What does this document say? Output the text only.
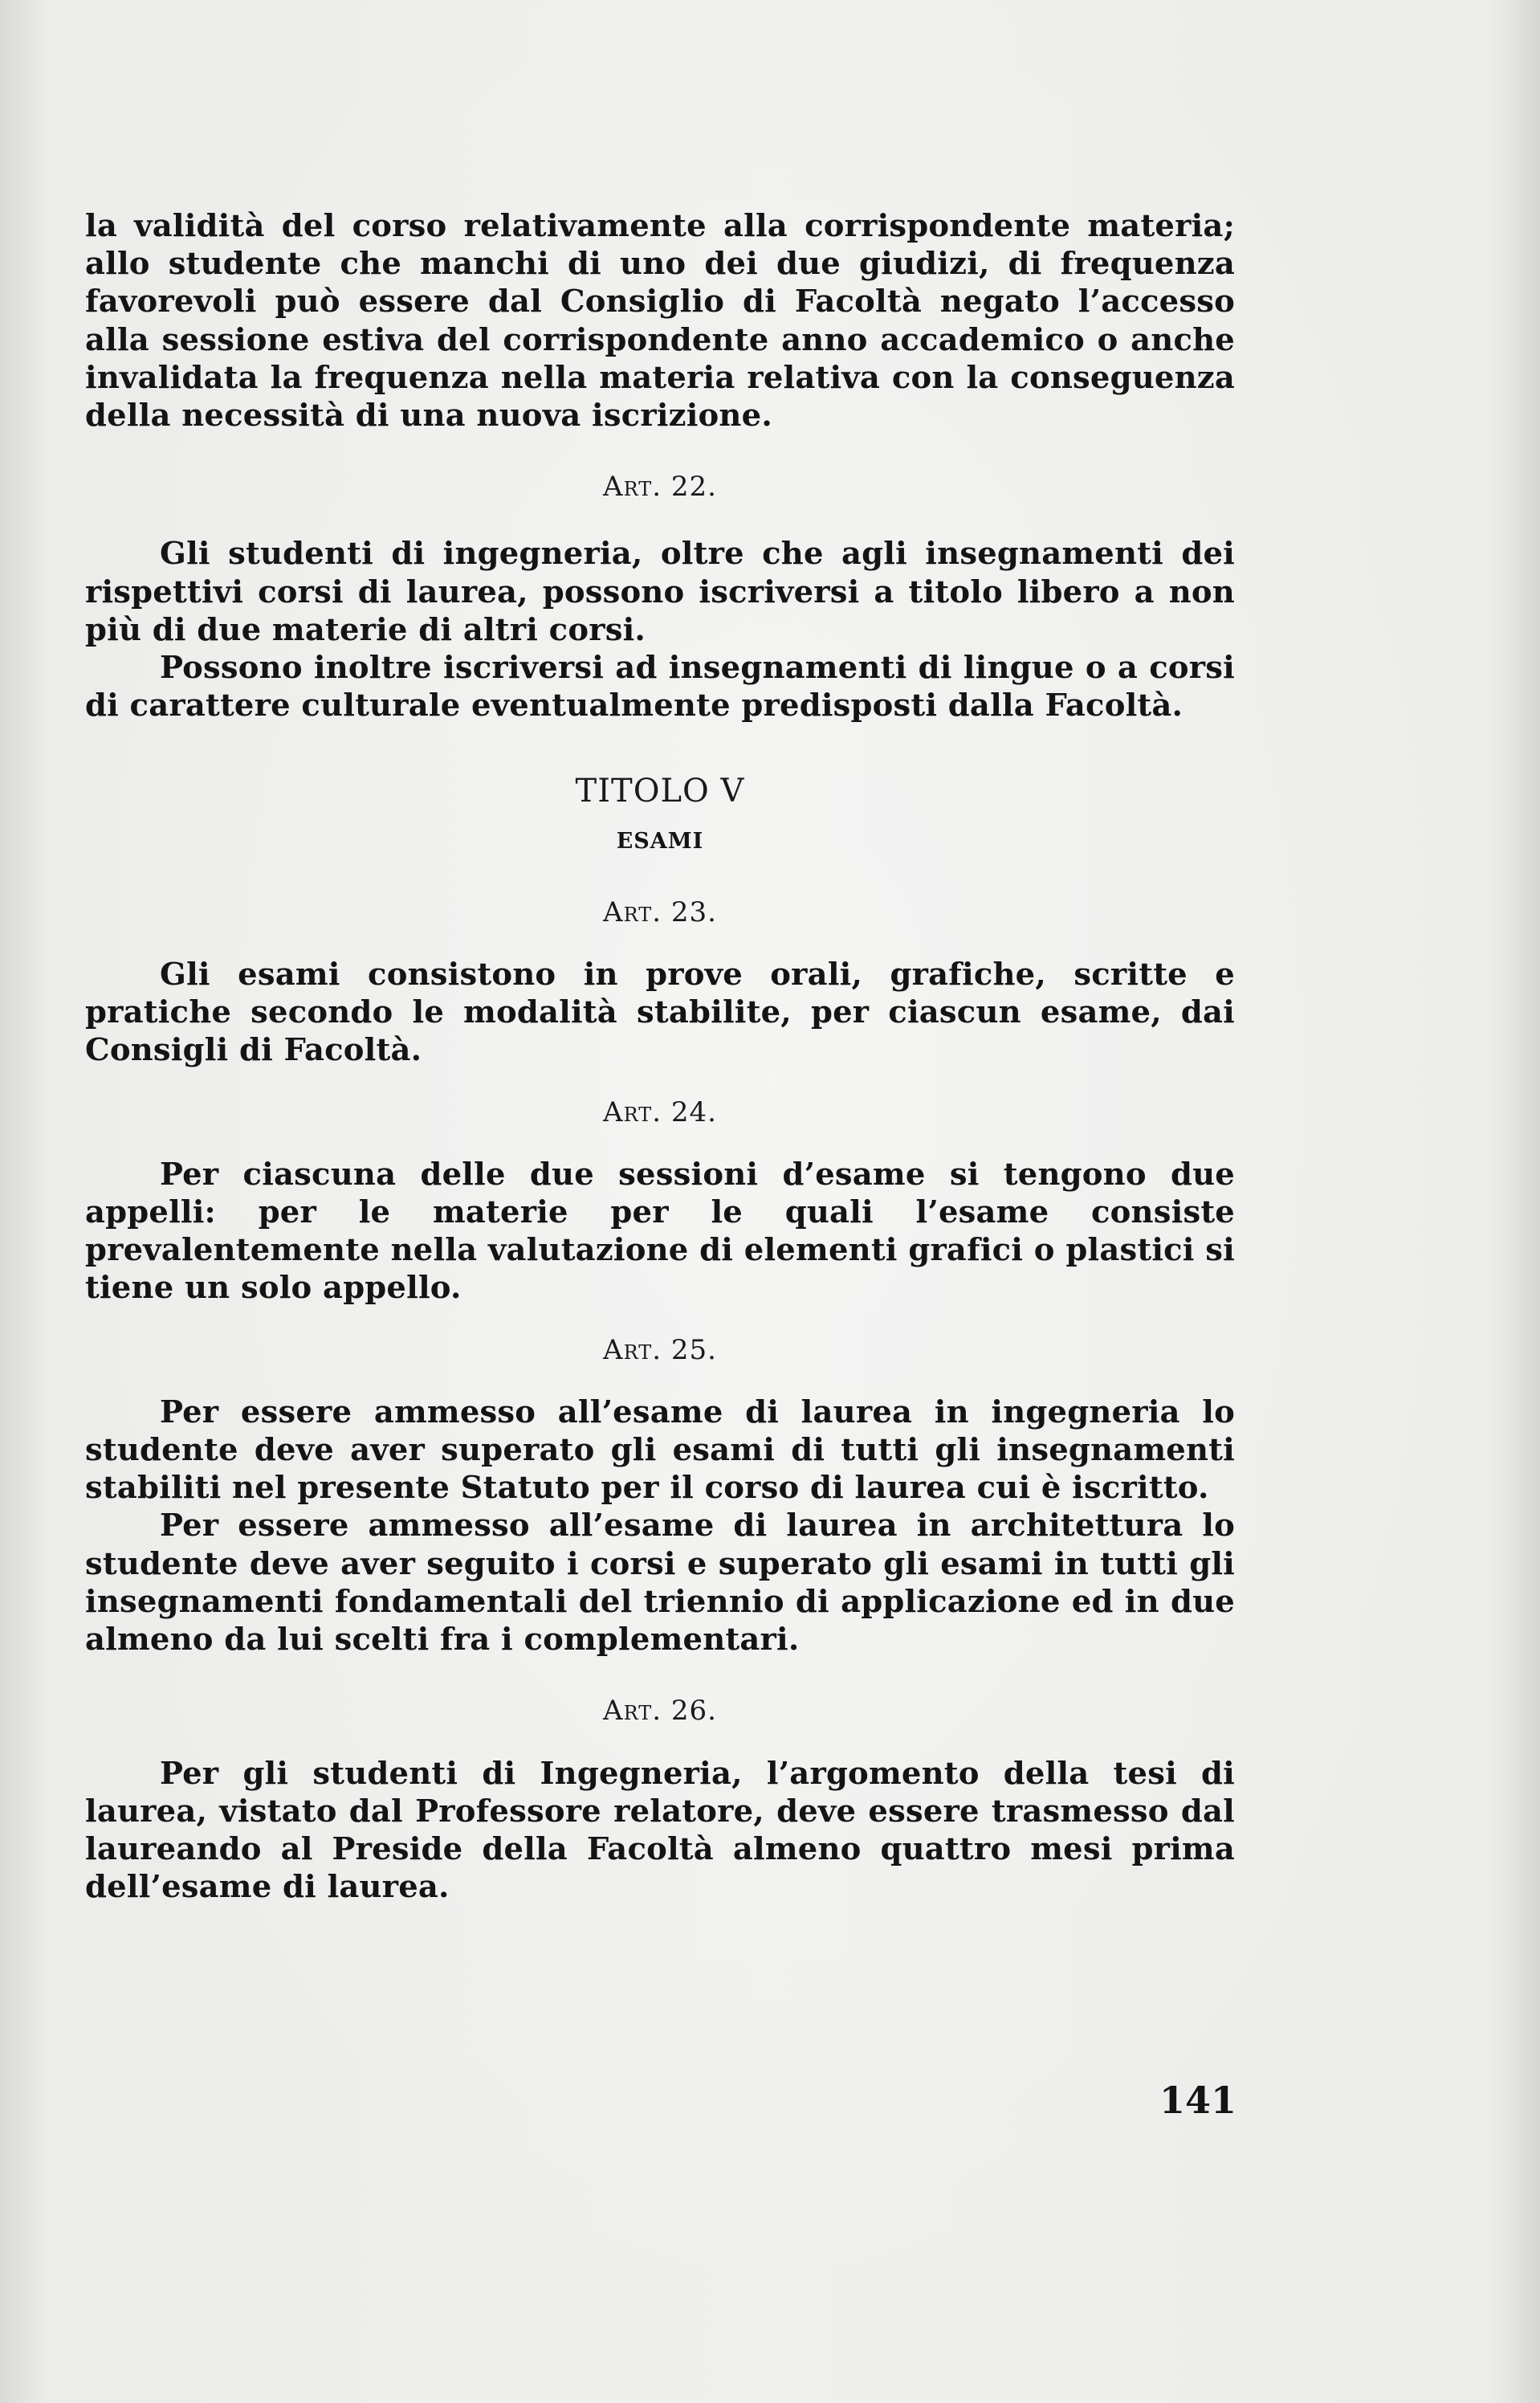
la validità del corso relativamente alla corrispondente materia; allo studente che manchi di uno dei due giudizi, di frequenza favorevoli può essere dal Consiglio di Facoltà negato l’accesso alla sessione estiva del corrispondente anno accademico o anche invalidata la frequenza nella materia relativa con la conseguenza della necessità di una nuova iscrizione.

Art. 22.

Gli studenti di ingegneria, oltre che agli insegnamenti dei rispettivi corsi di laurea, possono iscriversi a titolo libero a non più di due materie di altri corsi.

Possono inoltre iscriversi ad insegnamenti di lingue o a corsi di carattere culturale eventualmente predisposti dalla Facoltà.

TITOLO V

ESAMI

Art. 23.

Gli esami consistono in prove orali, grafiche, scritte e pratiche secondo le modalità stabilite, per ciascun esame, dai Consigli di Facoltà.

Art. 24.

Per ciascuna delle due sessioni d’esame si tengono due appelli: per le materie per le quali l’esame consiste prevalentemente nella valutazione di elementi grafici o plastici si tiene un solo appello.

Art. 25.

Per essere ammesso all’esame di laurea in ingegneria lo studente deve aver superato gli esami di tutti gli insegnamenti stabiliti nel presente Statuto per il corso di laurea cui è iscritto.

Per essere ammesso all’esame di laurea in architettura lo studente deve aver seguito i corsi e superato gli esami in tutti gli insegnamenti fondamentali del triennio di applicazione ed in due almeno da lui scelti fra i complementari.

Art. 26.

Per gli studenti di Ingegneria, l’argomento della tesi di laurea, vistato dal Professore relatore, deve essere trasmesso dal laureando al Preside della Facoltà almeno quattro mesi prima dell’esame di laurea.

141
